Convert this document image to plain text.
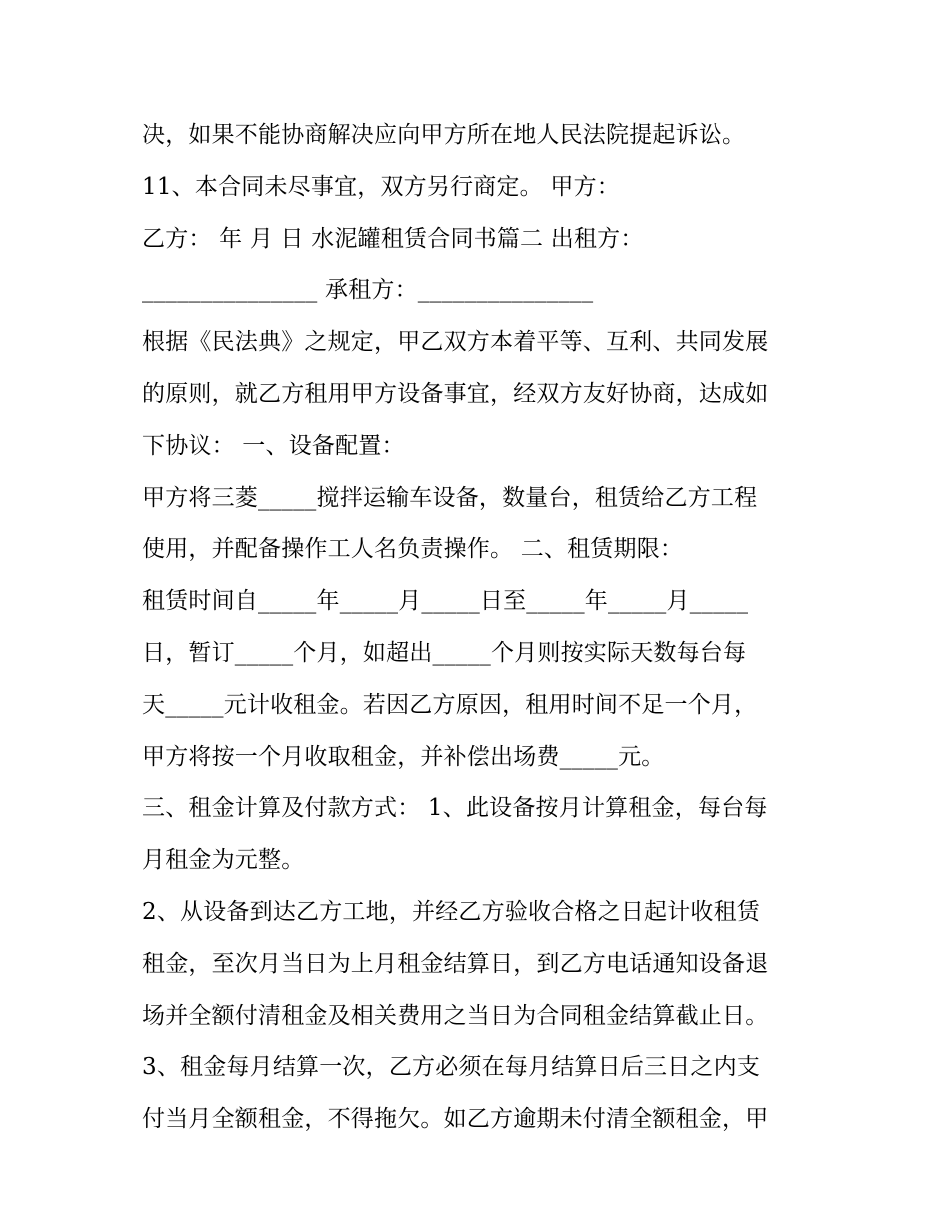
决，如果不能协商解决应向甲方所在地人民法院提起诉讼。
11、本合同未尽事宜，双方另行商定。 甲方：
乙方： 年 月 日 水泥罐租赁合同书篇二 出租方：
_______________ 承租方：_______________
根据《民法典》之规定，甲乙双方本着平等、互利、共同发展
的原则，就乙方租用甲方设备事宜，经双方友好协商，达成如
下协议： 一、设备配置：
甲方将三菱_____搅拌运输车设备，数量台，租赁给乙方工程
使用，并配备操作工人名负责操作。 二、租赁期限：
租赁时间自_____年_____月_____日至_____年_____月_____
日，暂订_____个月，如超出_____个月则按实际天数每台每
天_____元计收租金。若因乙方原因，租用时间不足一个月，
甲方将按一个月收取租金，并补偿出场费_____元。
三、租金计算及付款方式： 1、此设备按月计算租金，每台每
月租金为元整。
2、从设备到达乙方工地，并经乙方验收合格之日起计收租赁
租金，至次月当日为上月租金结算日，到乙方电话通知设备退
场并全额付清租金及相关费用之当日为合同租金结算截止日。
3、租金每月结算一次，乙方必须在每月结算日后三日之内支
付当月全额租金，不得拖欠。如乙方逾期未付清全额租金，甲
